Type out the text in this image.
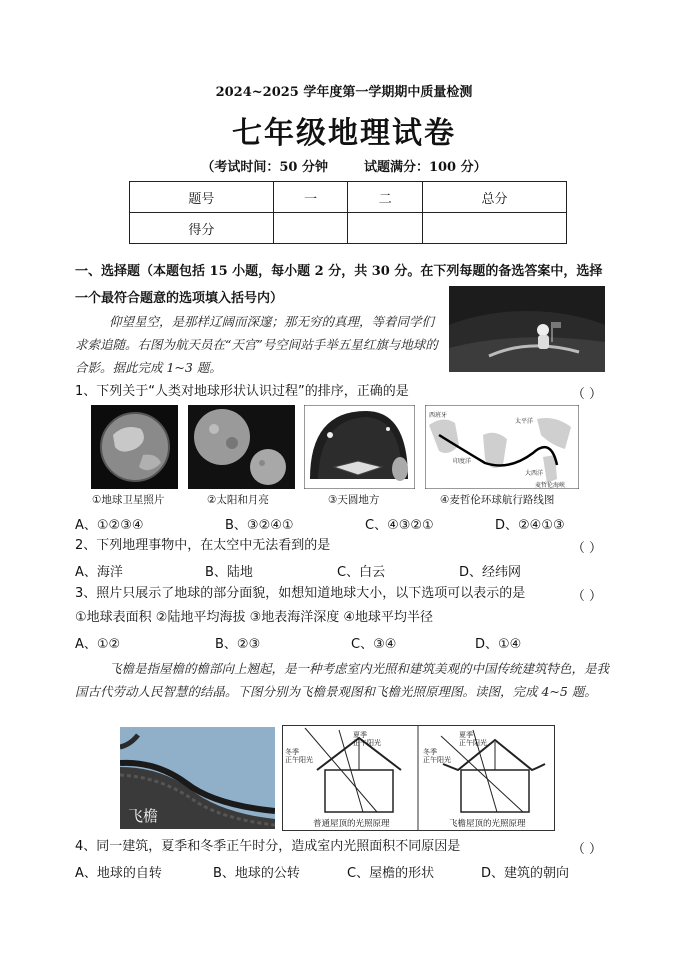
2024~2025 学年度第一学期期中质量检测
七年级地理试卷
（考试时间：50 分钟	试题满分：100 分）
题号	一	二	总分
得分			
一、选择题（本题包括 15 小题，每小题 2 分，共 30 分。在下列每题的备选答案中，选择一个最符合题意的选项填入括号内）
仰望星空，是那样辽阔而深邃；那无穷的真理，等着同学们求索追随。右图为航天员在“天宫”号空间站手举五星红旗与地球的合影。据此完成 1~3 题。
1、下列关于“人类对地球形状认识过程”的排序，正确的是	（ ）
太平洋
印度洋
大西洋
西班牙
麦哲伦海峡
①地球卫星照片	②太阳和月亮	③天圆地方	④麦哲伦环球航行路线图
A、①②③④	B、③②④①	C、④③②①	D、②④①③
2、下列地理事物中，在太空中无法看到的是	（ ）
A、海洋	B、陆地	C、白云	D、经纬网
3、照片只展示了地球的部分面貌，如想知道地球大小，以下选项可以表示的是	（ ）
①地球表面积 ②陆地平均海拔 ③地表海洋深度 ④地球平均半径
A、①②	B、②③	C、③④	D、①④
飞檐是指屋檐的檐部向上翘起，是一种考虑室内光照和建筑美观的中国传统建筑特色，是我国古代劳动人民智慧的结晶。下图分别为飞檐景观图和飞檐光照原理图。读图，完成 4~5 题。
飞檐
夏季正午阳光
冬季正午阳光
夏季正午阳光
冬季正午阳光
普通屋顶的光照原理	飞檐屋顶的光照原理
4、同一建筑，夏季和冬季正午时分，造成室内光照面积不同原因是	（ ）
A、地球的自转	B、地球的公转	C、屋檐的形状	D、建筑的朝向
